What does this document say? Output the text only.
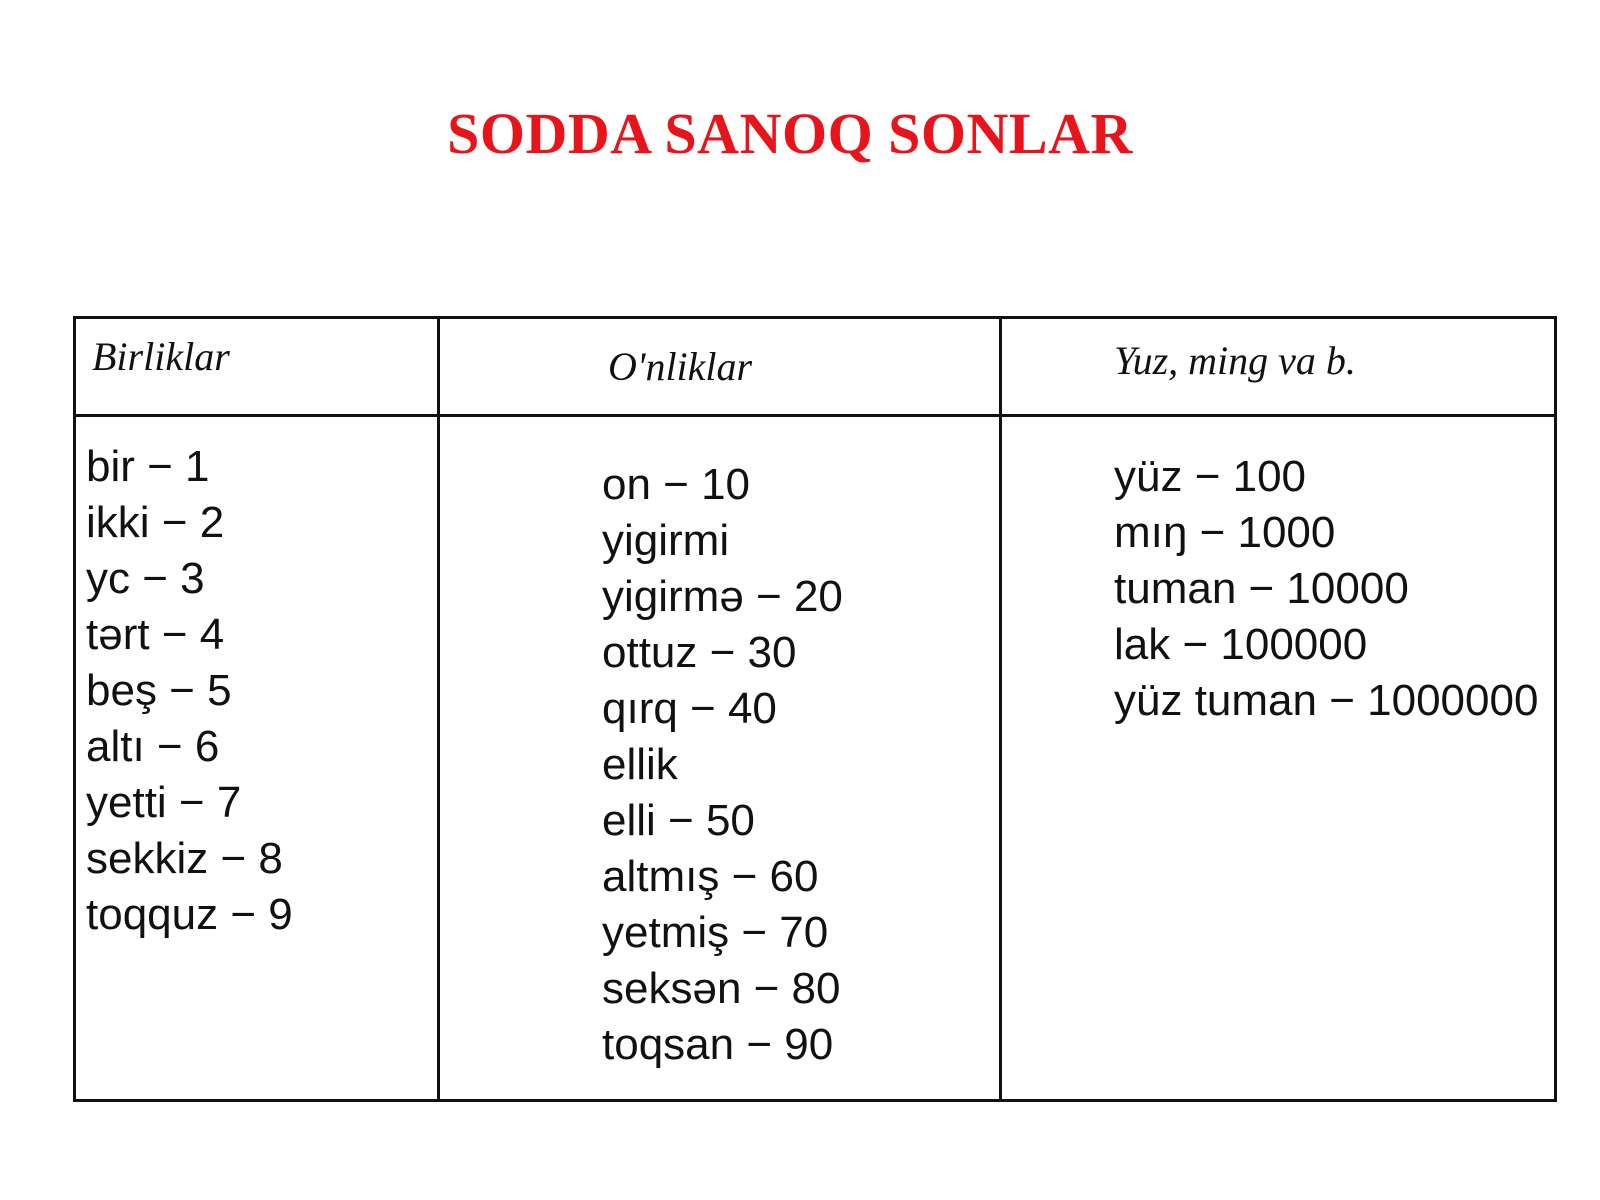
SODDA SANOQ SONLAR
Birliklar	O'nliklar	Yuz, ming va b.
bir − 1
ikki − 2
yc − 3
tərt − 4
beş − 5
altı − 6
yetti − 7
sekkiz − 8
toqquz − 9
on − 10
yigirmi
yigirmə − 20
ottuz − 30
qırq − 40
ellik
elli − 50
altmış − 60
yetmiş − 70
seksən − 80
toqsan − 90
yüz − 100
mıŋ − 1000
tuman − 10000
lak − 100000
yüz tuman − 1000000
